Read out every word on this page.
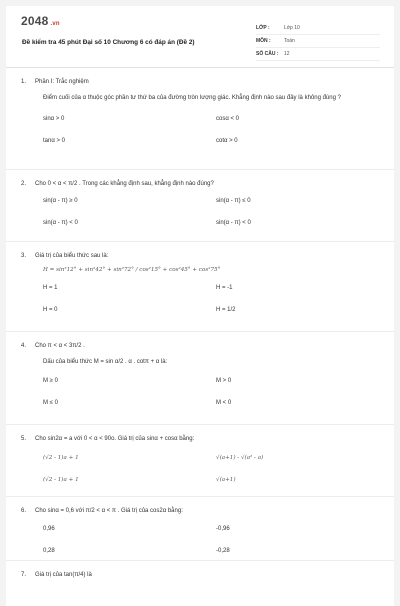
2048 .vn
Đề kiểm tra 45 phút Đại số 10 Chương 6 có đáp án (Đề 2)
LỚP :	Lớp 10
MÔN :	Toán
SỐ CÂU :	12
1.	Phần I: Trắc nghiệm
Điểm cuối của α thuộc góc phần tư thứ ba của đường tròn lượng giác. Khẳng định nào sau đây là không đúng ?
sinα > 0	cosα < 0
tanα > 0	cotα > 0
2.	Cho 0 < α < π/2 . Trong các khẳng định sau, khẳng định nào đúng?
sin(α - π) ≥ 0	sin(α - π) ≤ 0
sin(α - π) < 0	sin(α - π) < 0
3.	Giá trị của biểu thức sau là:
H = sin²12° + sin²42° + sin²72° / cos²15° + cos²45° + cos²75°
H = 1	H = -1
H = 0	H = 1/2
4.	Cho π < α < 3π/2 .
Dấu của biểu thức M = sin α/2 . α . cotπ + α là:
M ≥ 0	M > 0
M ≤ 0	M < 0
5.	Cho sin2α = a với 0 < α < 90o. Giá trị của sinα + cosα bằng:
(√2 - 1)a + 1	√(a+1) - √(a² - a)
(√2 - 1)a + 1	√(a+1)
6.	Cho sinα = 0,6 với π/2 < α < π . Giá trị của cos2α bằng:
0,96	-0,96
0,28	-0,28
7.	Giá trị của tan(π/4) là
